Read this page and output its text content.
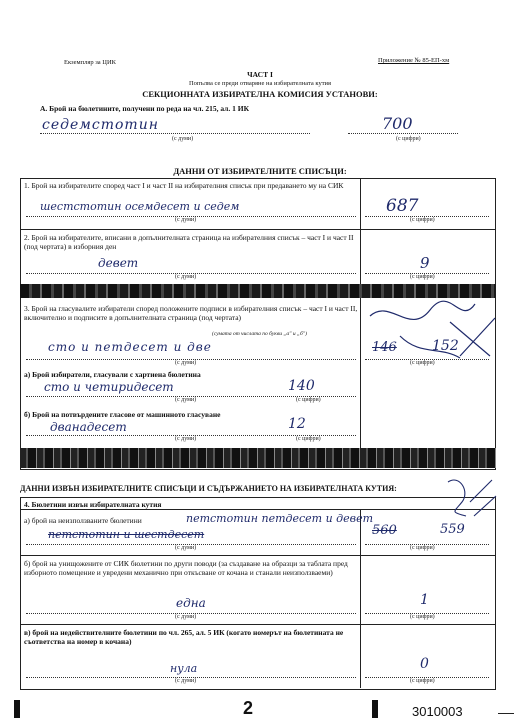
Екземпляр за ЦИК	Приложение № 85-ЕП-хм
ЧАСТ I
Попълва се преди отваряне на избирателната кутия
СЕКЦИОННАТА ИЗБИРАТЕЛНА КОМИСИЯ УСТАНОВИ:
А. Брой на бюлетините, получени по реда на чл. 215, ал. 1 ИК
седемстотин
(с думи)
700
(с цифри)
ДАННИ ОТ ИЗБИРАТЕЛНИТЕ СПИСЪЦИ:
1. Брой на избирателите според част I и част II на избирателния списък при предаването му на СИК
шестстотин осемдесет и седем
(с думи)
687
(с цифри)
2. Брой на избирателите, вписани в допълнителната страница на избирателния списък – част I и част II (под чертата) в изборния ден
девет
(с думи)
9
(с цифри)
3. Брой на гласувалите избиратели според положените подписи в избирателния списък – част I и част II, включително и подписите в допълнителната страница (под чертата)
(сумата от числата по букви „а" и „б")
сто и петдесет и две
(с думи)
146	152
(с цифри)
а) Брой избиратели, гласували с хартиена бюлетина
сто и четиридесет
(с думи)
140
(с цифри)
б) Брой на потвърдените гласове от машинното гласуване
дванадесет
(с думи)
12
(с цифри)
ДАННИ ИЗВЪН ИЗБИРАТЕЛНИТЕ СПИСЪЦИ И СЪДЪРЖАНИЕТО НА ИЗБИРАТЕЛНАТА КУТИЯ:
4. Бюлетини извън избирателната кутия
а) брой на неизползваните бюлетини	петстотин петдесет и девет
петстотин и шестдесет
(с думи)
560	559
(с цифри)
б) брой на унищожените от СИК бюлетини по други поводи (за създаване на образци за таблата пред изборното помещение и увредени механично при откъсване от кочана и станали неизползваеми)
една
(с думи)
1
(с цифри)
в) брой на недействителните бюлетини по чл. 265, ал. 5 ИК (когато номерът на бюлетината не съответства на номер в кочана)
нула
(с думи)
0
(с цифри)
2	3010003
